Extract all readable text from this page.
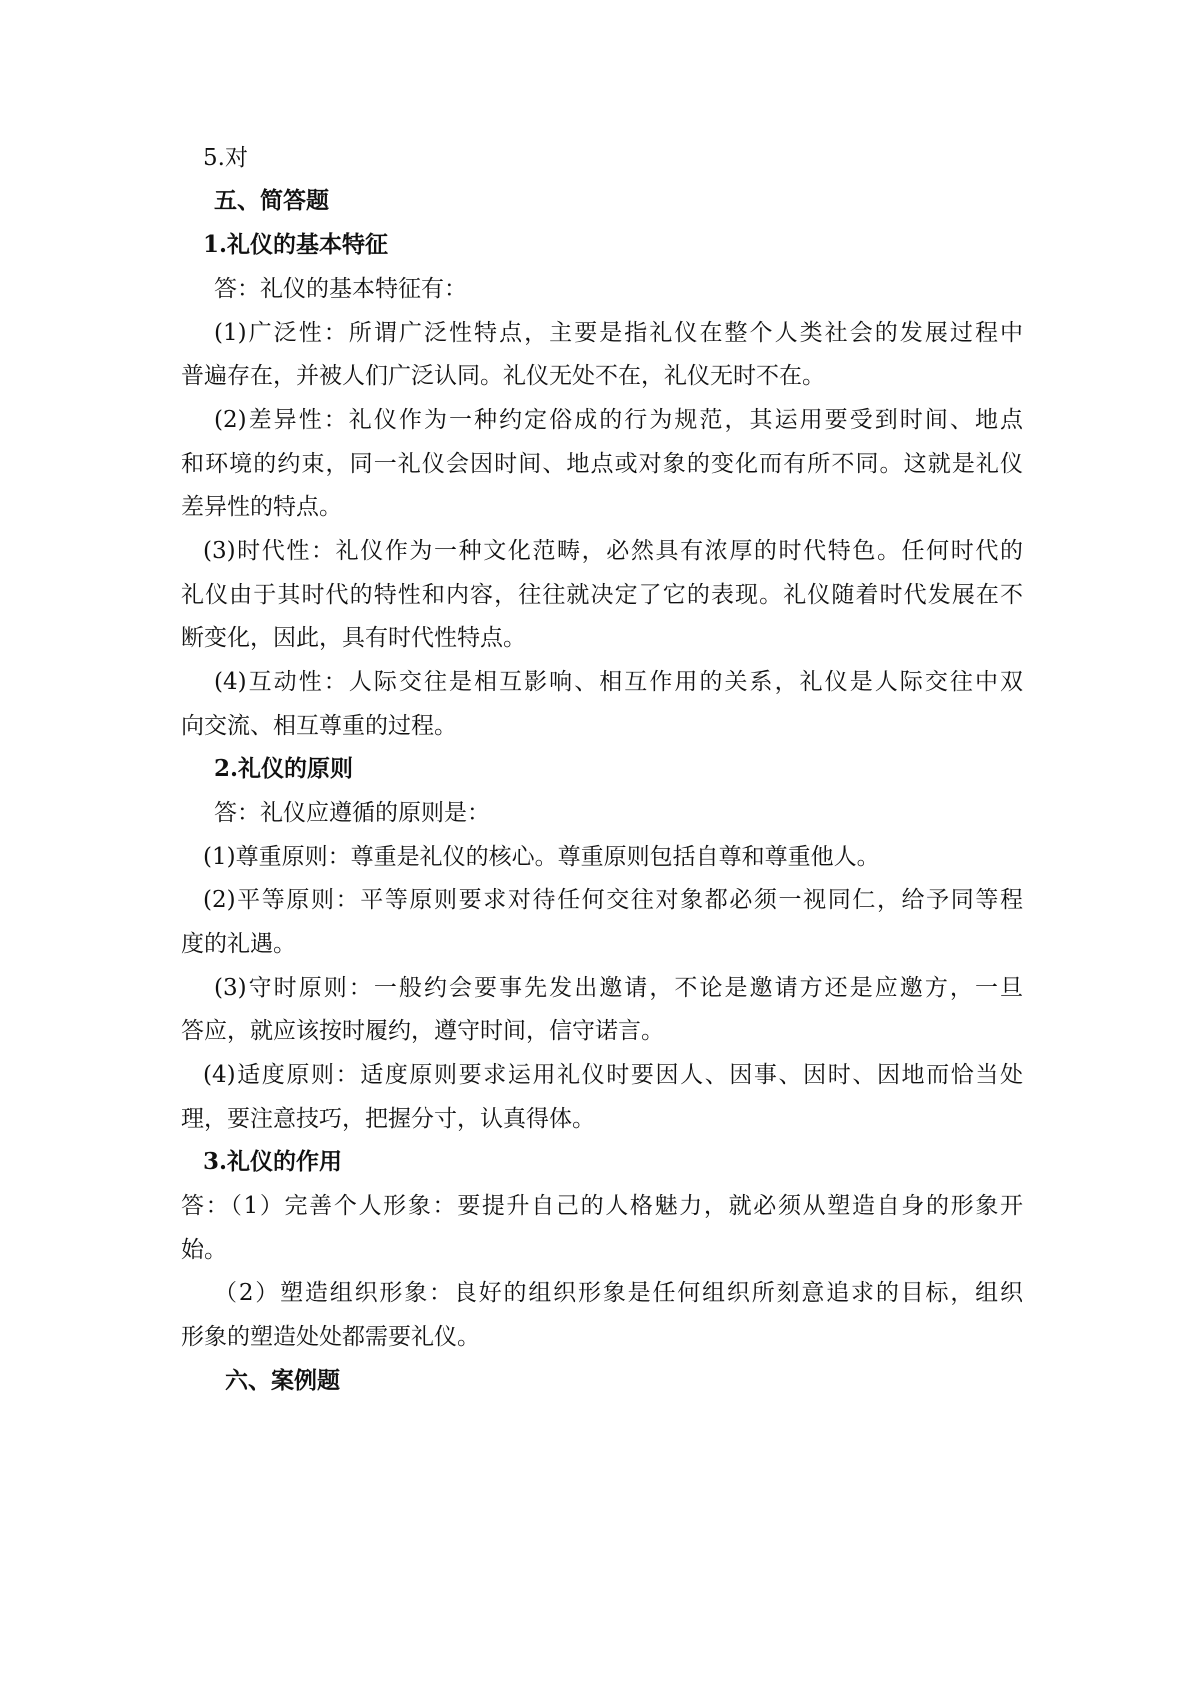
5.对

五、简答题

1.礼仪的基本特征

答：礼仪的基本特征有：

(1)广泛性：所谓广泛性特点，主要是指礼仪在整个人类社会的发展过程中

普遍存在，并被人们广泛认同。礼仪无处不在，礼仪无时不在。

(2)差异性：礼仪作为一种约定俗成的行为规范，其运用要受到时间、地点

和环境的约束，同一礼仪会因时间、地点或对象的变化而有所不同。这就是礼仪

差异性的特点。

(3)时代性：礼仪作为一种文化范畴，必然具有浓厚的时代特色。任何时代的

礼仪由于其时代的特性和内容，往往就决定了它的表现。礼仪随着时代发展在不

断变化，因此，具有时代性特点。

(4)互动性：人际交往是相互影响、相互作用的关系，礼仪是人际交往中双

向交流、相互尊重的过程。

2.礼仪的原则

答：礼仪应遵循的原则是：

(1)尊重原则：尊重是礼仪的核心。尊重原则包括自尊和尊重他人。

(2)平等原则：平等原则要求对待任何交往对象都必须一视同仁，给予同等程

度的礼遇。

(3)守时原则：一般约会要事先发出邀请，不论是邀请方还是应邀方，一旦

答应，就应该按时履约，遵守时间，信守诺言。

(4)适度原则：适度原则要求运用礼仪时要因人、因事、因时、因地而恰当处

理，要注意技巧，把握分寸，认真得体。

3.礼仪的作用

答：（1）完善个人形象：要提升自己的人格魅力，就必须从塑造自身的形象开

始。

（2）塑造组织形象：良好的组织形象是任何组织所刻意追求的目标，组织

形象的塑造处处都需要礼仪。

六、案例题
